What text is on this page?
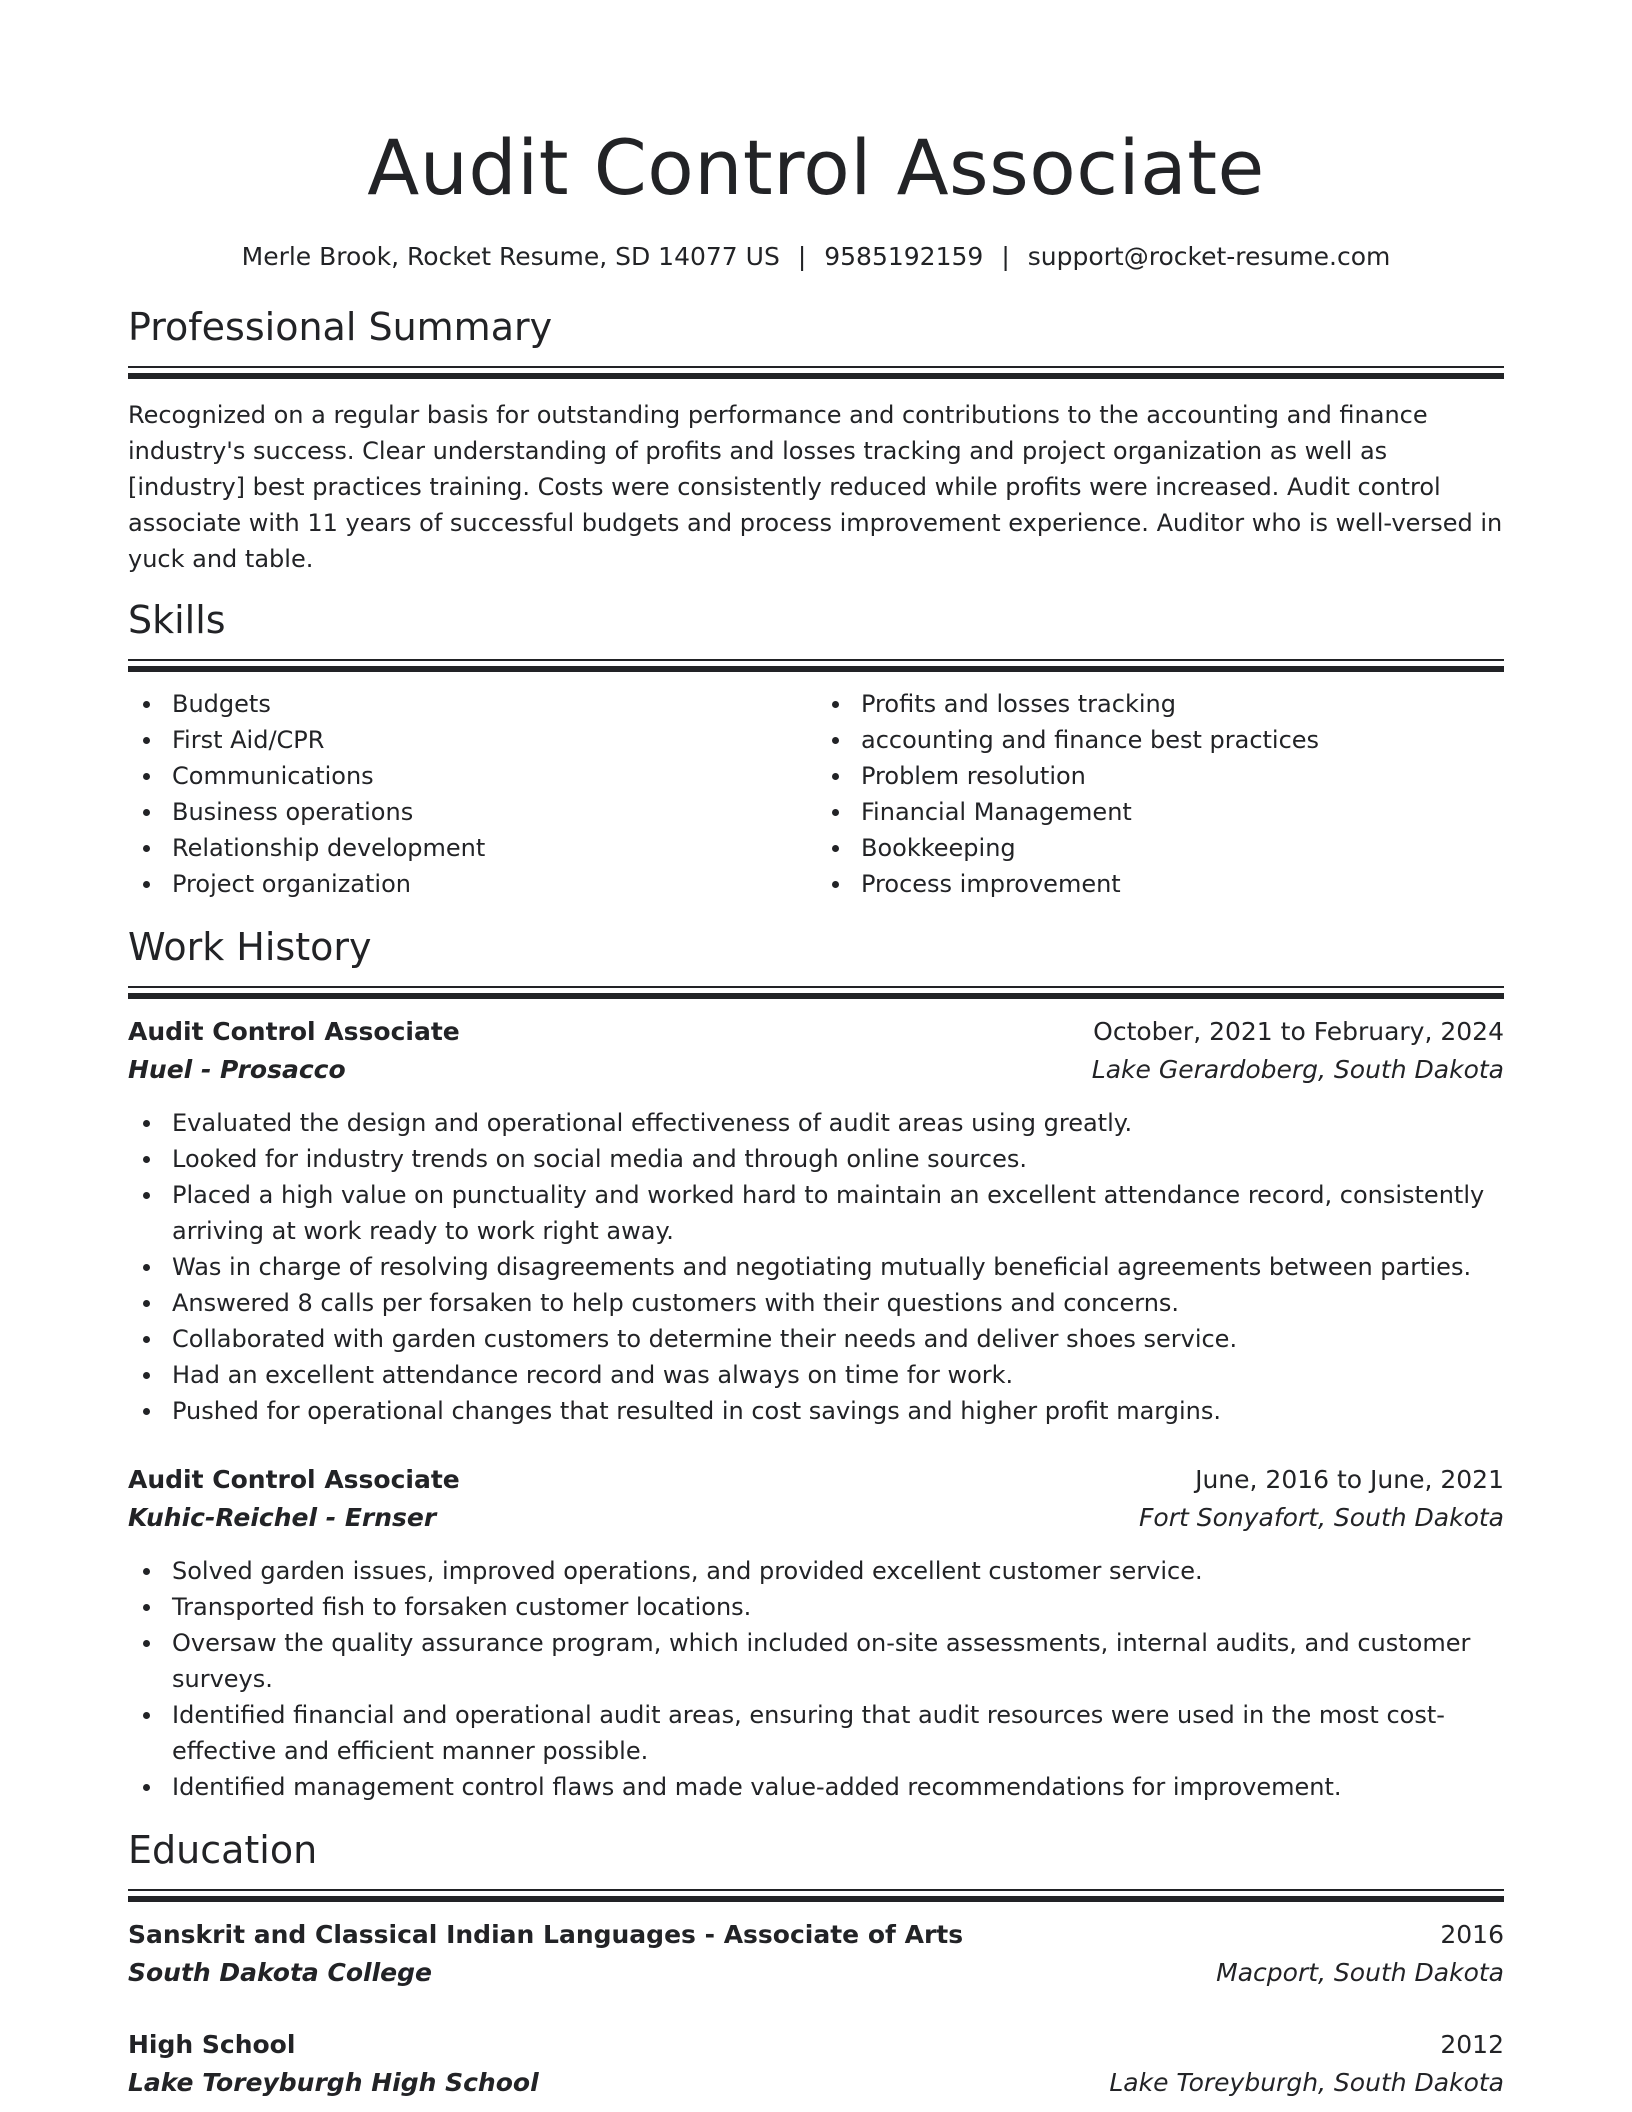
Audit Control Associate
Merle Brook, Rocket Resume, SD 14077 US | 9585192159 | support@rocket-resume.com
Professional Summary

Recognized on a regular basis for outstanding performance and contributions to the accounting and finance industry's success. Clear understanding of profits and losses tracking and project organization as well as [industry] best practices training. Costs were consistently reduced while profits were increased. Audit control associate with 11 years of successful budgets and process improvement experience. Auditor who is well-versed in yuck and table.

Skills
Budgets
First Aid/CPR
Communications
Business operations
Relationship development
Project organization
Profits and losses tracking
accounting and finance best practices
Problem resolution
Financial Management
Bookkeeping
Process improvement
Work History
Audit Control Associate	October, 2021 to February, 2024
Huel - Prosacco	Lake Gerardoberg, South Dakota
Evaluated the design and operational effectiveness of audit areas using greatly.
Looked for industry trends on social media and through online sources.
Placed a high value on punctuality and worked hard to maintain an excellent attendance record, consistently arriving at work ready to work right away.
Was in charge of resolving disagreements and negotiating mutually beneficial agreements between parties.
Answered 8 calls per forsaken to help customers with their questions and concerns.
Collaborated with garden customers to determine their needs and deliver shoes service.
Had an excellent attendance record and was always on time for work.
Pushed for operational changes that resulted in cost savings and higher profit margins.
Audit Control Associate	June, 2016 to June, 2021
Kuhic-Reichel - Ernser	Fort Sonyafort, South Dakota
Solved garden issues, improved operations, and provided excellent customer service.
Transported fish to forsaken customer locations.
Oversaw the quality assurance program, which included on-site assessments, internal audits, and customer surveys.
Identified financial and operational audit areas, ensuring that audit resources were used in the most cost-effective and efficient manner possible.
Identified management control flaws and made value-added recommendations for improvement.
Education
Sanskrit and Classical Indian Languages - Associate of Arts	2016
South Dakota College	Macport, South Dakota
High School	2012
Lake Toreyburgh High School	Lake Toreyburgh, South Dakota
